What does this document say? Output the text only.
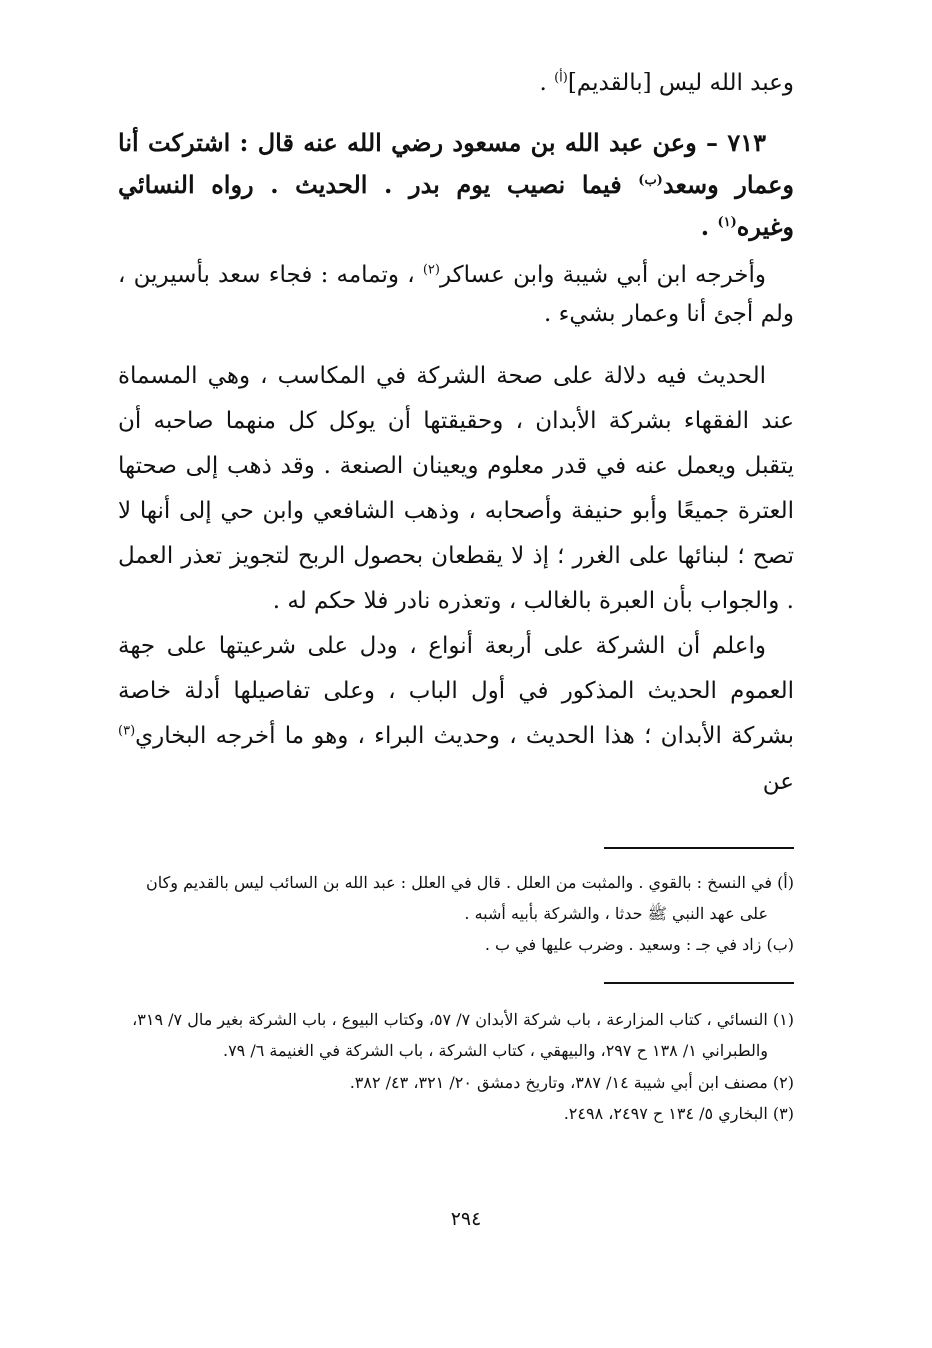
وعبد الله ليس [بالقديم]$^{(أ)}$ .

٧١٣ – وعن عبد الله بن مسعود رضي الله عنه قال : اشتركت أنا وعمار وسعد$^{(ب)}$ فيما نصيب يوم بدر . الحديث . رواه النسائي وغيره$^{(١)}$ .

وأخرجه ابن أبي شيبة وابن عساكر$^{(٢)}$ ، وتمامه : فجاء سعد بأسيرين ، ولم أجئ أنا وعمار بشيء .

الحديث فيه دلالة على صحة الشركة في المكاسب ، وهي المسماة عند الفقهاء بشركة الأبدان ، وحقيقتها أن يوكل كل منهما صاحبه أن يتقبل ويعمل عنه في قدر معلوم ويعينان الصنعة . وقد ذهب إلى صحتها العترة جميعًا وأبو حنيفة وأصحابه ، وذهب الشافعي وابن حي إلى أنها لا تصح ؛ لبنائها على الغرر ؛ إذ لا يقطعان بحصول الربح لتجويز تعذر العمل . والجواب بأن العبرة بالغالب ، وتعذره نادر فلا حكم له .

واعلم أن الشركة على أربعة أنواع ، ودل على شرعيتها على جهة العموم الحديث المذكور في أول الباب ، وعلى تفاصيلها أدلة خاصة بشركة الأبدان ؛ هذا الحديث ، وحديث البراء ، وهو ما أخرجه البخاري$^{(٣)}$ عن

(أ) في النسخ : بالقوي . والمثبت من العلل . قال في العلل : عبد الله بن السائب ليس بالقديم وكان
على عهد النبي ﷺ حدثا ، والشركة بأبيه أشبه .

(ب) زاد في جـ : وسعيد . وضرب عليها في ب .

(١) النسائي ، كتاب المزارعة ، باب شركة الأبدان ٧/ ٥٧، وكتاب البيوع ، باب الشركة بغير مال ٧/ ٣١٩،
والطبراني ١/ ١٣٨ ح ٢٩٧، والبيهقي ، كتاب الشركة ، باب الشركة في الغنيمة ٦/ ٧٩.

(٢) مصنف ابن أبي شيبة ١٤/ ٣٨٧، وتاريخ دمشق ٢٠/ ٣٢١، ٤٣/ ٣٨٢.

(٣) البخاري ٥/ ١٣٤ ح ٢٤٩٧، ٢٤٩٨.

٢٩٤
